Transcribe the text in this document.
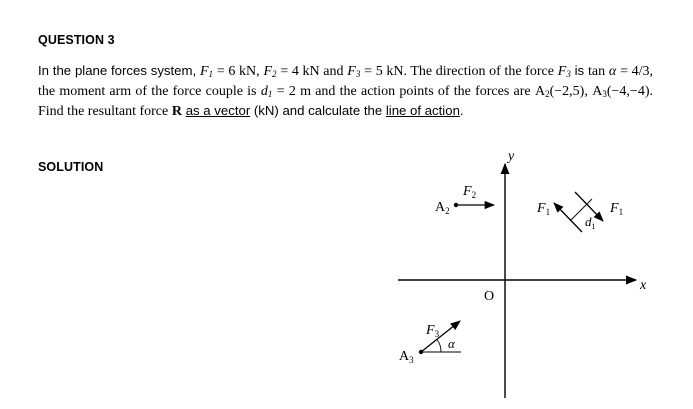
QUESTION 3
In the plane forces system, $F_1 = 6$ kN, $F_2 = 4$ kN and $F_3 = 5$ kN. The direction of the force $F_3$ is tan α = 4/3, the moment arm of the force couple is $d_1 = 2$ m and the action points of the forces are $A_2(-2,5)$, $A_3(-4,-4)$. Find the resultant force R as a vector (kN) and calculate the line of action.
SOLUTION
y
x
O
$A_2$
$F_2$
$A_3$
α
$F_3$
$F_1$	$F_1$
$d_1$
